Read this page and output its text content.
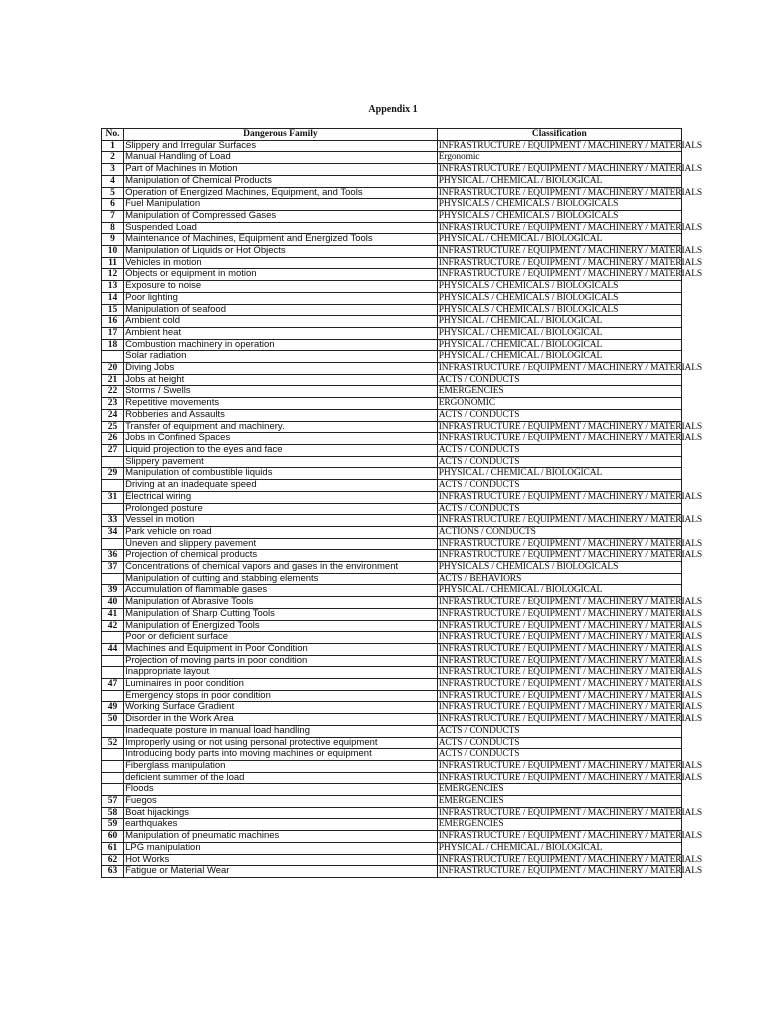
Appendix 1
No.	Dangerous Family	Classification
1	Slippery and Irregular Surfaces	INFRASTRUCTURE / EQUIPMENT / MACHINERY / MATERIALS
2	Manual Handling of Load	Ergonomic
3	Part of Machines in Motion	INFRASTRUCTURE / EQUIPMENT / MACHINERY / MATERIALS
4	Manipulation of Chemical Products	PHYSICAL / CHEMICAL / BIOLOGICAL
5	Operation of Energized Machines, Equipment, and Tools	INFRASTRUCTURE / EQUIPMENT / MACHINERY / MATERIALS
6	Fuel Manipulation	PHYSICALS / CHEMICALS / BIOLOGICALS
7	Manipulation of Compressed Gases	PHYSICALS / CHEMICALS / BIOLOGICALS
8	Suspended Load	INFRASTRUCTURE / EQUIPMENT / MACHINERY / MATERIALS
9	Maintenance of Machines, Equipment and Energized Tools	PHYSICAL / CHEMICAL / BIOLOGICAL
10	Manipulation of Liquids or Hot Objects	INFRASTRUCTURE / EQUIPMENT / MACHINERY / MATERIALS
11	Vehicles in motion	INFRASTRUCTURE / EQUIPMENT / MACHINERY / MATERIALS
12	Objects or equipment in motion	INFRASTRUCTURE / EQUIPMENT / MACHINERY / MATERIALS
13	Exposure to noise	PHYSICALS / CHEMICALS / BIOLOGICALS
14	Poor lighting	PHYSICALS / CHEMICALS / BIOLOGICALS
15	Manipulation of seafood	PHYSICALS / CHEMICALS / BIOLOGICALS
16	Ambient cold	PHYSICAL / CHEMICAL / BIOLOGICAL
17	Ambient heat	PHYSICAL / CHEMICAL / BIOLOGICAL
18	Combustion machinery in operation	PHYSICAL / CHEMICAL / BIOLOGICAL
	Solar radiation	PHYSICAL / CHEMICAL / BIOLOGICAL
20	Diving Jobs	INFRASTRUCTURE / EQUIPMENT / MACHINERY / MATERIALS
21	Jobs at height	ACTS / CONDUCTS
22	Storms / Swells	EMERGENCIES
23	Repetitive movements	ERGONOMIC
24	Robberies and Assaults	ACTS / CONDUCTS
25	Transfer of equipment and machinery.	INFRASTRUCTURE / EQUIPMENT / MACHINERY / MATERIALS
26	Jobs in Confined Spaces	INFRASTRUCTURE / EQUIPMENT / MACHINERY / MATERIALS
27	Liquid projection to the eyes and face	ACTS / CONDUCTS
	Slippery pavement	ACTS / CONDUCTS
29	Manipulation of combustible liquids	PHYSICAL / CHEMICAL / BIOLOGICAL
	Driving at an inadequate speed	ACTS / CONDUCTS
31	Electrical wiring	INFRASTRUCTURE / EQUIPMENT / MACHINERY / MATERIALS
	Prolonged posture	ACTS / CONDUCTS
33	Vessel in motion	INFRASTRUCTURE / EQUIPMENT / MACHINERY / MATERIALS
34	Park vehicle on road	ACTIONS / CONDUCTS
	Uneven and slippery pavement	INFRASTRUCTURE / EQUIPMENT / MACHINERY / MATERIALS
36	Projection of chemical products	INFRASTRUCTURE / EQUIPMENT / MACHINERY / MATERIALS
37	Concentrations of chemical vapors and gases in the environment	PHYSICALS / CHEMICALS / BIOLOGICALS
	Manipulation of cutting and stabbing elements	ACTS / BEHAVIORS
39	Accumulation of flammable gases	PHYSICAL / CHEMICAL / BIOLOGICAL
40	Manipulation of Abrasive Tools	INFRASTRUCTURE / EQUIPMENT / MACHINERY / MATERIALS
41	Manipulation of Sharp Cutting Tools	INFRASTRUCTURE / EQUIPMENT / MACHINERY / MATERIALS
42	Manipulation of Energized Tools	INFRASTRUCTURE / EQUIPMENT / MACHINERY / MATERIALS
	Poor or deficient surface	INFRASTRUCTURE / EQUIPMENT / MACHINERY / MATERIALS
44	Machines and Equipment in Poor Condition	INFRASTRUCTURE / EQUIPMENT / MACHINERY / MATERIALS
	Projection of moving parts in poor condition	INFRASTRUCTURE / EQUIPMENT / MACHINERY / MATERIALS
	Inappropriate layout	INFRASTRUCTURE / EQUIPMENT / MACHINERY / MATERIALS
47	Luminaires in poor condition	INFRASTRUCTURE / EQUIPMENT / MACHINERY / MATERIALS
	Emergency stops in poor condition	INFRASTRUCTURE / EQUIPMENT / MACHINERY / MATERIALS
49	Working Surface Gradient	INFRASTRUCTURE / EQUIPMENT / MACHINERY / MATERIALS
50	Disorder in the Work Area	INFRASTRUCTURE / EQUIPMENT / MACHINERY / MATERIALS
	Inadequate posture in manual load handling	ACTS / CONDUCTS
52	Improperly using or not using personal protective equipment	ACTS / CONDUCTS
	Introducing body parts into moving machines or equipment	ACTS / CONDUCTS
	Fiberglass manipulation	INFRASTRUCTURE / EQUIPMENT / MACHINERY / MATERIALS
	deficient summer of the load	INFRASTRUCTURE / EQUIPMENT / MACHINERY / MATERIALS
	Floods	EMERGENCIES
57	Fuegos	EMERGENCIES
58	Boat hijackings	INFRASTRUCTURE / EQUIPMENT / MACHINERY / MATERIALS
59	earthquakes	EMERGENCIES
60	Manipulation of pneumatic machines	INFRASTRUCTURE / EQUIPMENT / MACHINERY / MATERIALS
61	LPG manipulation	PHYSICAL / CHEMICAL / BIOLOGICAL
62	Hot Works	INFRASTRUCTURE / EQUIPMENT / MACHINERY / MATERIALS
63	Fatigue or Material Wear	INFRASTRUCTURE / EQUIPMENT / MACHINERY / MATERIALS
